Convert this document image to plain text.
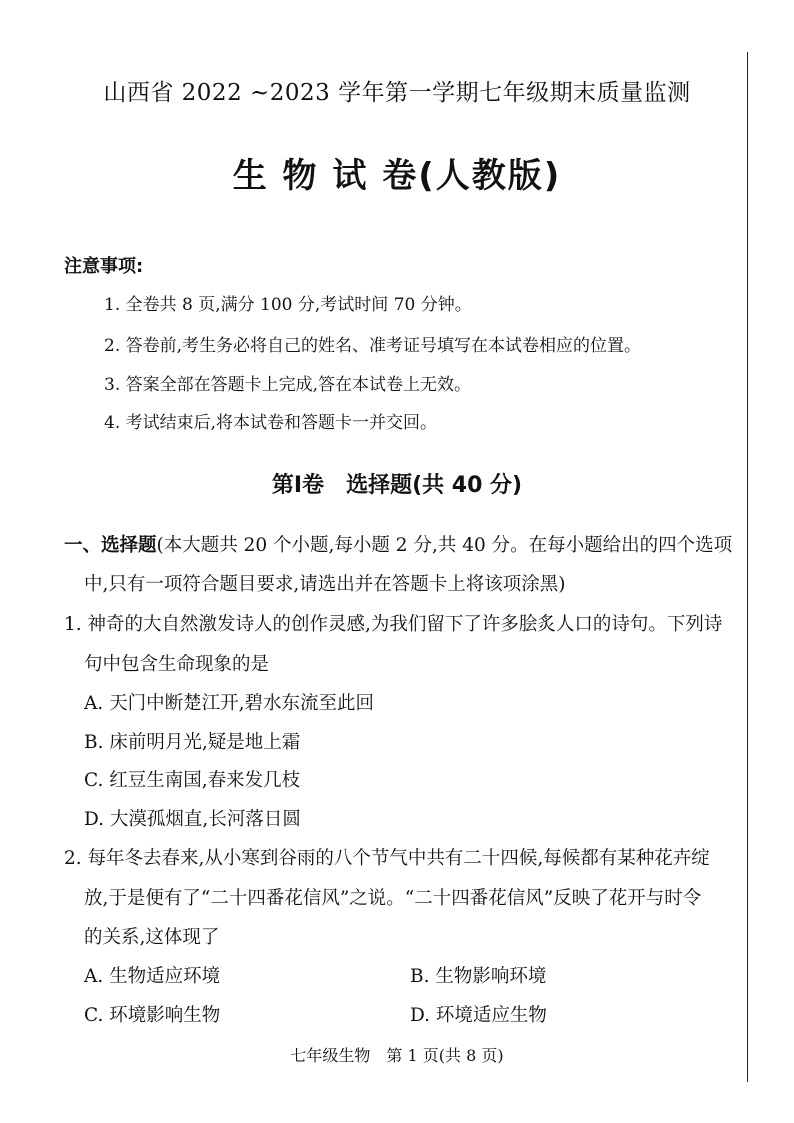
山西省 2022 ~2023 学年第一学期七年级期末质量监测
生 物 试 卷(人教版)
注意事项:
1. 全卷共 8 页,满分 100 分,考试时间 70 分钟。
2. 答卷前,考生务必将自己的姓名、准考证号填写在本试卷相应的位置。
3. 答案全部在答题卡上完成,答在本试卷上无效。
4. 考试结束后,将本试卷和答题卡一并交回。
第Ⅰ卷 选择题(共 40 分)
一、选择题(本大题共 20 个小题,每小题 2 分,共 40 分。在每小题给出的四个选项
中,只有一项符合题目要求,请选出并在答题卡上将该项涂黑)
1. 神奇的大自然激发诗人的创作灵感,为我们留下了许多脍炙人口的诗句。下列诗
句中包含生命现象的是
A. 天门中断楚江开,碧水东流至此回
B. 床前明月光,疑是地上霜
C. 红豆生南国,春来发几枝
D. 大漠孤烟直,长河落日圆
2. 每年冬去春来,从小寒到谷雨的八个节气中共有二十四候,每候都有某种花卉绽
放,于是便有了“二十四番花信风”之说。“二十四番花信风”反映了花开与时令
的关系,这体现了
A. 生物适应环境	B. 生物影响环境
C. 环境影响生物	D. 环境适应生物
七年级生物 第 1 页(共 8 页)
